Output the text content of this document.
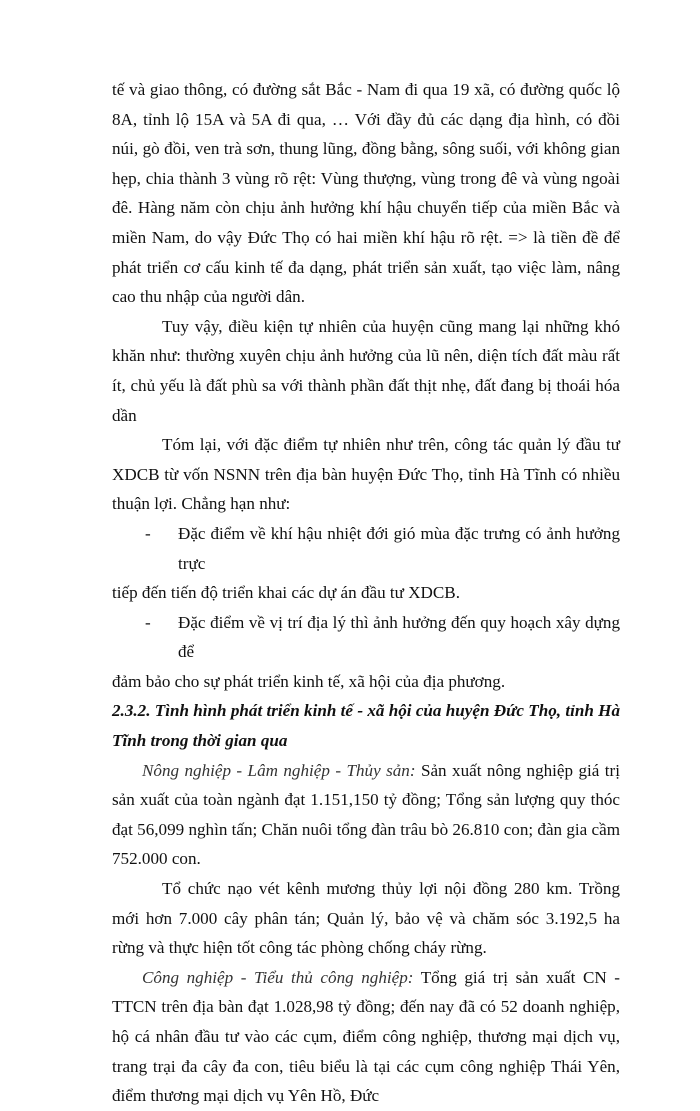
tế và giao thông, có đường sắt Bắc - Nam đi qua 19 xã, có đường quốc lộ 8A, tỉnh lộ 15A và 5A đi qua, … Với đầy đủ các dạng địa hình, có đồi núi, gò đồi, ven trà sơn, thung lũng, đồng bằng, sông suối, với không gian hẹp, chia thành 3 vùng rõ rệt: Vùng thượng, vùng trong đê và vùng ngoài đê. Hàng năm còn chịu ảnh hưởng khí hậu chuyển tiếp của miền Bắc và miền Nam, do vậy Đức Thọ có hai miền khí hậu rõ rệt. => là tiền đề để phát triển cơ cấu kinh tế đa dạng, phát triển sản xuất, tạo việc làm, nâng cao thu nhập của người dân.

Tuy vậy, điều kiện tự nhiên của huyện cũng mang lại những khó khăn như: thường xuyên chịu ảnh hưởng của lũ nên, diện tích đất màu rất ít, chủ yếu là đất phù sa với thành phần đất thịt nhẹ, đất đang bị thoái hóa dần

Tóm lại, với đặc điểm tự nhiên như trên, công tác quản lý đầu tư XDCB từ vốn NSNN trên địa bàn huyện Đức Thọ, tỉnh Hà Tĩnh có nhiều thuận lợi. Chẳng hạn như:

-	Đặc điểm về khí hậu nhiệt đới gió mùa đặc trưng có ảnh hưởng trực

tiếp đến tiến độ triển khai các dự án đầu tư XDCB.

-	Đặc điểm về vị trí địa lý thì ảnh hưởng đến quy hoạch xây dựng để

đảm bảo cho sự phát triển kinh tế, xã hội của địa phương.

2.3.2. Tình hình phát triển kinh tế - xã hội của huyện Đức Thọ, tỉnh Hà Tĩnh trong thời gian qua

Nông nghiệp - Lâm nghiệp - Thủy sản: Sản xuất nông nghiệp giá trị sản xuất của toàn ngành đạt 1.151,150 tỷ đồng; Tổng sản lượng quy thóc đạt 56,099 nghìn tấn; Chăn nuôi tổng đàn trâu bò 26.810 con; đàn gia cầm 752.000 con.

Tổ chức nạo vét kênh mương thủy lợi nội đồng 280 km. Trồng mới hơn 7.000 cây phân tán; Quản lý, bảo vệ và chăm sóc 3.192,5 ha rừng và thực hiện tốt công tác phòng chống cháy rừng.

Công nghiệp - Tiểu thủ công nghiệp: Tổng giá trị sản xuất CN - TTCN trên địa bàn đạt 1.028,98 tỷ đồng; đến nay đã có 52 doanh nghiệp, hộ cá nhân đầu tư vào các cụm, điểm công nghiệp, thương mại dịch vụ, trang trại đa cây đa con, tiêu biểu là tại các cụm công nghiệp Thái Yên, điểm thương mại dịch vụ Yên Hồ, Đức
